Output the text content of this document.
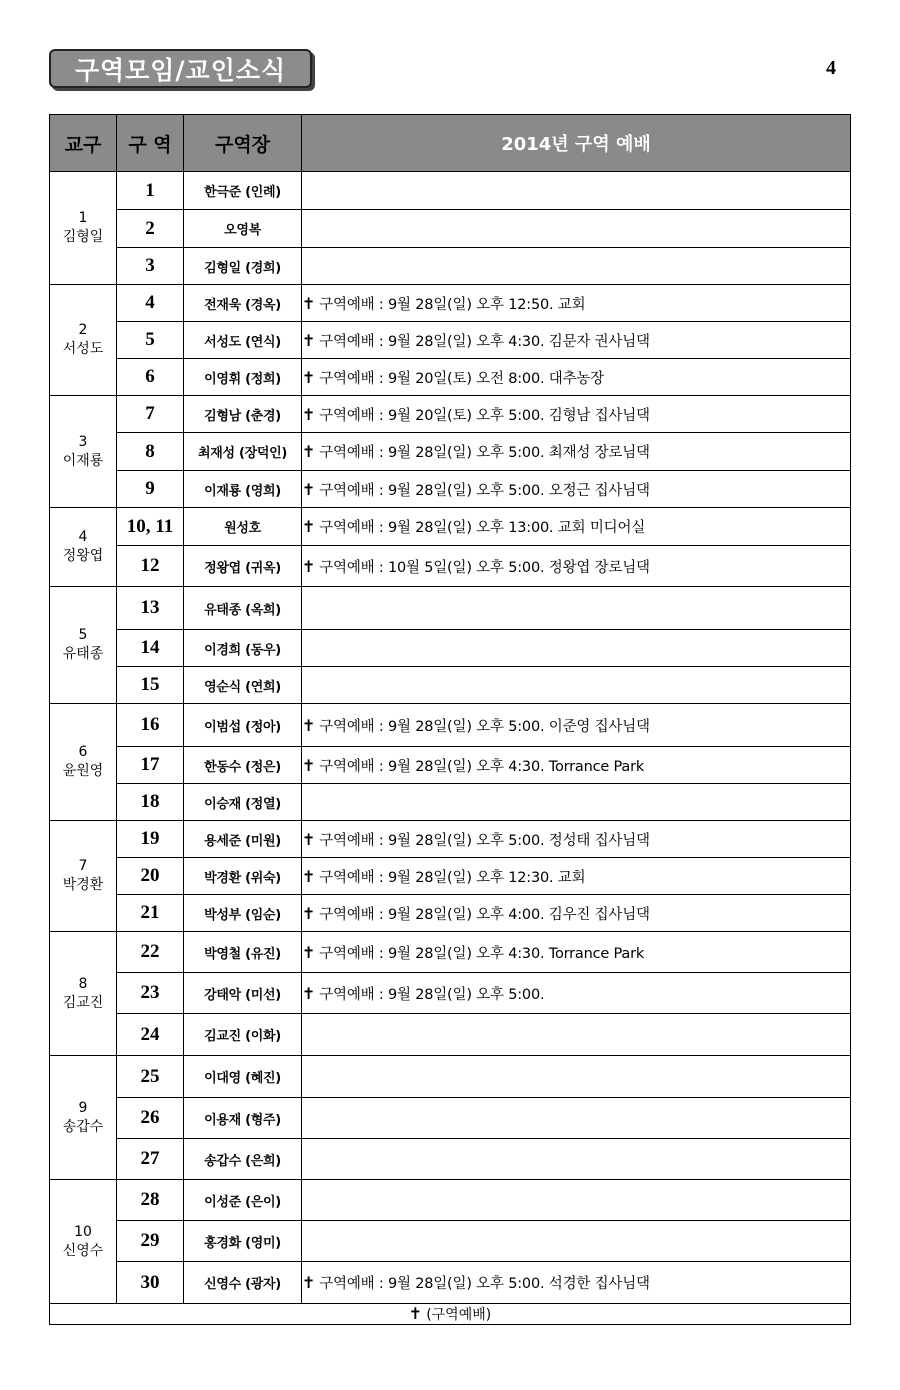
구역모임/교인소식	4
교구	구 역	구역장	2014년 구역 예배

1
김형일	1	한극준 (인례)	
	2	오영복	
	3	김형일 (경희)	

2
서성도	4	전재욱 (경옥)	✝ 구역예배 : 9월 28일(일) 오후 12:50. 교회
	5	서성도 (연식)	✝ 구역예배 : 9월 28일(일) 오후 4:30. 김문자 권사님댁
	6	이영휘 (정희)	✝ 구역예배 : 9월 20일(토) 오전 8:00. 대추농장

3
이재룡	7	김형남 (춘경)	✝ 구역예배 : 9월 20일(토) 오후 5:00. 김형남 집사님댁
	8	최재성 (장덕인)	✝ 구역예배 : 9월 28일(일) 오후 5:00. 최재성 장로님댁
	9	이재룡 (영희)	✝ 구역예배 : 9월 28일(일) 오후 5:00. 오정근 집사님댁

4
정왕엽	10, 11	원성호	✝ 구역예배 : 9월 28일(일) 오후 13:00. 교회 미디어실
	12	정왕엽 (귀옥)	✝ 구역예배 : 10월 5일(일) 오후 5:00. 정왕엽 장로님댁

5
유태종	13	유태종 (옥희)	
	14	이경희 (동우)	
	15	영순식 (연희)	

6
윤원영	16	이범섭 (정아)	✝ 구역예배 : 9월 28일(일) 오후 5:00. 이준영 집사님댁
	17	한동수 (정은)	✝ 구역예배 : 9월 28일(일) 오후 4:30. Torrance Park
	18	이승재 (정열)	

7
박경환	19	용세준 (미원)	✝ 구역예배 : 9월 28일(일) 오후 5:00. 정성태 집사님댁
	20	박경환 (위숙)	✝ 구역예배 : 9월 28일(일) 오후 12:30. 교회
	21	박성부 (임순)	✝ 구역예배 : 9월 28일(일) 오후 4:00. 김우진 집사님댁

8
김교진	22	박영철 (유진)	✝ 구역예배 : 9월 28일(일) 오후 4:30. Torrance Park
	23	강태악 (미선)	✝ 구역예배 : 9월 28일(일) 오후 5:00.
	24	김교진 (이화)	

9
송갑수	25	이대영 (혜진)	
	26	이용재 (형주)	
	27	송갑수 (은희)	

10
신영수	28	이성준 (은이)	
	29	홍경화 (영미)	
	30	신영수 (광자)	✝ 구역예배 : 9월 28일(일) 오후 5:00. 석경한 집사님댁
✝ (구역예배)			
